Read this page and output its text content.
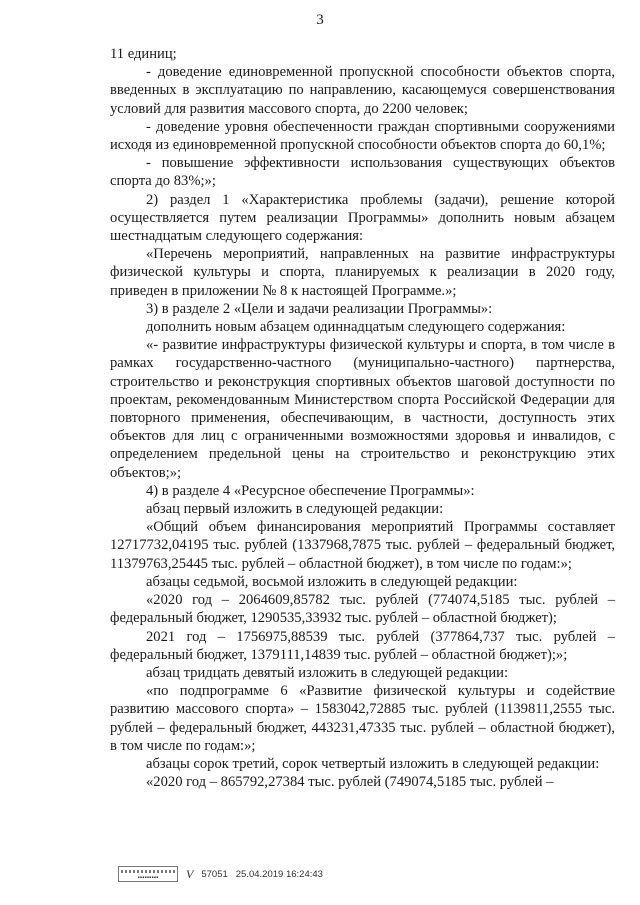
3

11 единиц;

- доведение единовременной пропускной способности объектов спорта, введенных в эксплуатацию по направлению, касающемуся совершенствования условий для развития массового спорта, до 2200 человек;

- доведение уровня обеспеченности граждан спортивными сооружениями исходя из единовременной пропускной способности объектов спорта до 60,1%;

- повышение эффективности использования существующих объектов спорта до 83%;»;

2) раздел 1 «Характеристика проблемы (задачи), решение которой осуществляется путем реализации Программы» дополнить новым абзацем шестнадцатым следующего содержания:

«Перечень мероприятий, направленных на развитие инфраструктуры физической культуры и спорта, планируемых к реализации в 2020 году, приведен в приложении № 8 к настоящей Программе.»;

3) в разделе 2 «Цели и задачи реализации Программы»:

дополнить новым абзацем одиннадцатым следующего содержания:

«- развитие инфраструктуры физической культуры и спорта, в том числе в рамках государственно-частного (муниципально-частного) партнерства, строительство и реконструкция спортивных объектов шаговой доступности по проектам, рекомендованным Министерством спорта Российской Федерации для повторного применения, обеспечивающим, в частности, доступность этих объектов для лиц с ограниченными возможностями здоровья и инвалидов, с определением предельной цены на строительство и реконструкцию этих объектов;»;

4) в разделе 4 «Ресурсное обеспечение Программы»:

абзац первый изложить в следующей редакции:

«Общий объем финансирования мероприятий Программы составляет 12717732,04195 тыс. рублей (1337968,7875 тыс. рублей – федеральный бюджет, 11379763,25445 тыс. рублей – областной бюджет), в том числе по годам:»;

абзацы седьмой, восьмой изложить в следующей редакции:

«2020 год – 2064609,85782 тыс. рублей (774074,5185 тыс. рублей – федеральный бюджет, 1290535,33932 тыс. рублей – областной бюджет);

2021 год – 1756975,88539 тыс. рублей (377864,737 тыс. рублей – федеральный бюджет, 1379111,14839 тыс. рублей – областной бюджет);»;

абзац тридцать девятый изложить в следующей редакции:

«по подпрограмме 6 «Развитие физической культуры и содействие развитию массового спорта» – 1583042,72885 тыс. рублей (1139811,2555 тыс. рублей – федеральный бюджет, 443231,47335 тыс. рублей – областной бюджет), в том числе по годам:»;

абзацы сорок третий, сорок четвертый изложить в следующей редакции:

«2020 год – 865792,27384 тыс. рублей (749074,5185 тыс. рублей –

▪▪▪▪▪▪▪▪▪ V 57051 25.04.2019 16:24:43
